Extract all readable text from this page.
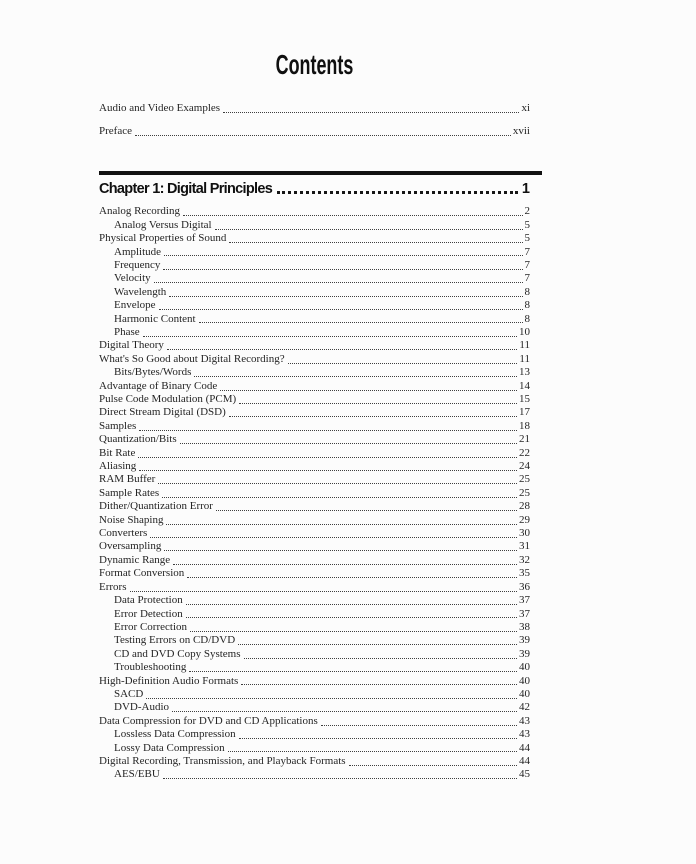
Contents
Audio and Video Examples	xi
Preface	xvii
Chapter 1: Digital Principles	1
Analog Recording	2
Analog Versus Digital	5
Physical Properties of Sound	5
Amplitude	7
Frequency	7
Velocity	7
Wavelength	8
Envelope	8
Harmonic Content	8
Phase	10
Digital Theory	11
What's So Good about Digital Recording?	11
Bits/Bytes/Words	13
Advantage of Binary Code	14
Pulse Code Modulation (PCM)	15
Direct Stream Digital (DSD)	17
Samples	18
Quantization/Bits	21
Bit Rate	22
Aliasing	24
RAM Buffer	25
Sample Rates	25
Dither/Quantization Error	28
Noise Shaping	29
Converters	30
Oversampling	31
Dynamic Range	32
Format Conversion	35
Errors	36
Data Protection	37
Error Detection	37
Error Correction	38
Testing Errors on CD/DVD	39
CD and DVD Copy Systems	39
Troubleshooting	40
High-Definition Audio Formats	40
SACD	40
DVD-Audio	42
Data Compression for DVD and CD Applications	43
Lossless Data Compression	43
Lossy Data Compression	44
Digital Recording, Transmission, and Playback Formats	44
AES/EBU	45
